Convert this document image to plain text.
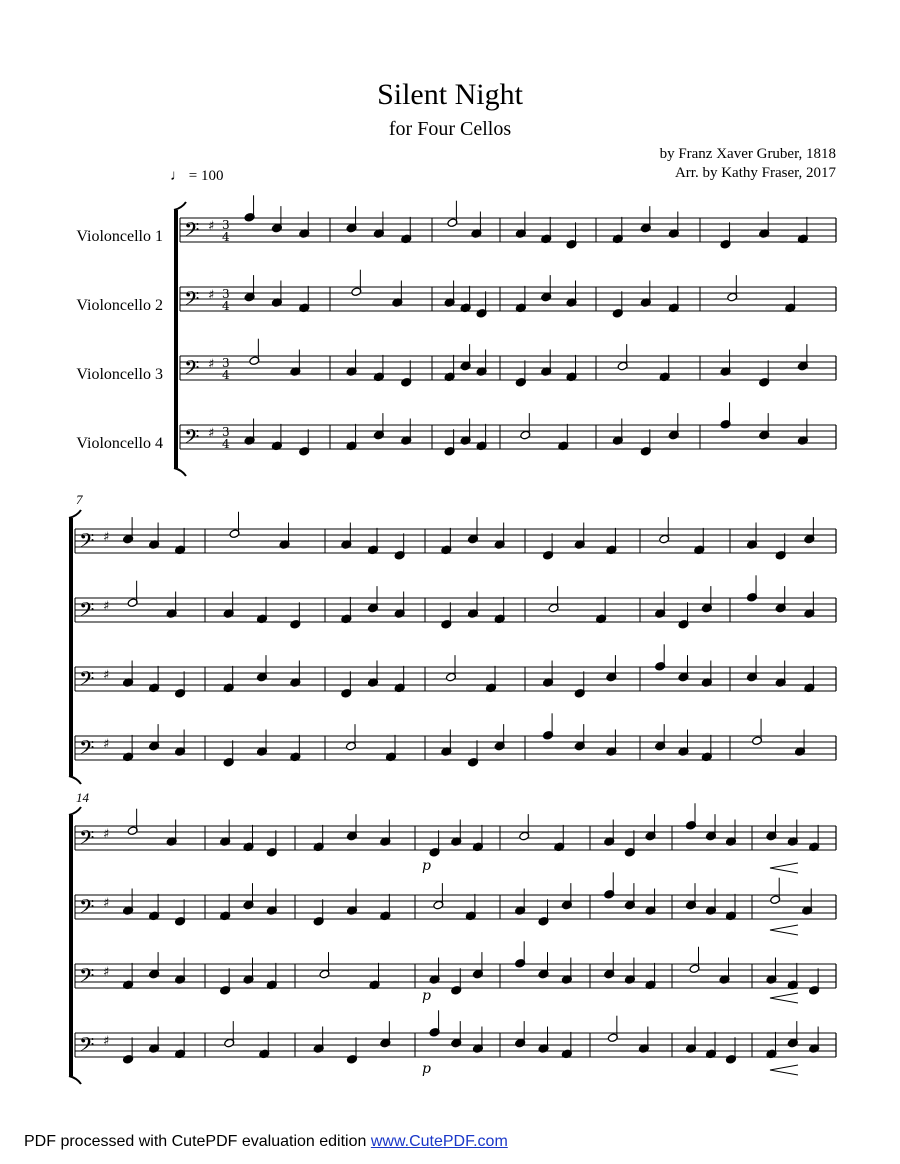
Silent Night
for Four Cellos
by Franz Xaver Gruber, 1818
Arr. by Kathy Fraser, 2017
♩ = 100
Violoncello 1
Violoncello 2
Violoncello 3
Violoncello 4
7
14
𝄢 ♯ 3
4
𝄢 ♯ 3
4
𝄢 ♯ 3
4
𝄢 ♯ 3
4
𝄢 ♯
𝄢 ♯
𝄢 ♯
𝄢 ♯
𝄢 ♯
𝄢 ♯
𝄢 ♯
𝄢 ♯
p
p
p
PDF processed with CutePDF evaluation edition www.CutePDF.com
